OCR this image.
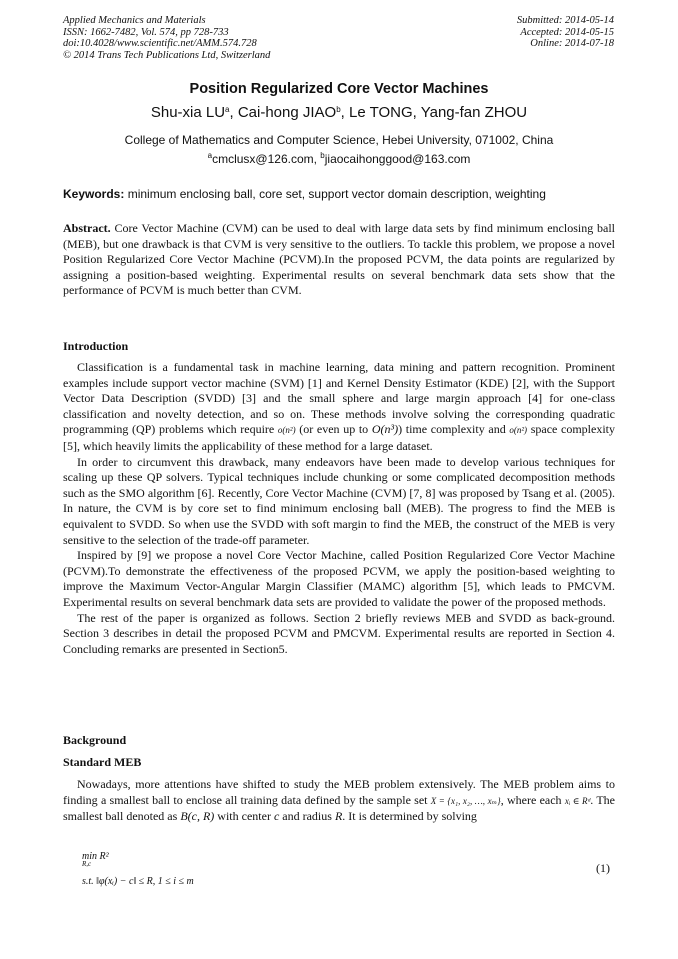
Applied Mechanics and Materials
ISSN: 1662-7482, Vol. 574, pp 728-733
doi:10.4028/www.scientific.net/AMM.574.728
© 2014 Trans Tech Publications Ltd, Switzerland
Submitted: 2014-05-14
Accepted: 2014-05-15
Online: 2014-07-18
Position Regularized Core Vector Machines
Shu-xia $LU^a$, Cai-hong JIAO$^b$, Le TONG, Yang-fan ZHOU
College of Mathematics and Computer Science, Hebei University, 071002, China
$^a$cmclusx@126.com, $^b$jiaocaihonggood@163.com
Keywords: minimum enclosing ball, core set, support vector domain description, weighting

Abstract. Core Vector Machine (CVM) can be used to deal with large data sets by find minimum enclosing ball (MEB), but one drawback is that CVM is very sensitive to the outliers. To tackle this problem, we propose a novel Position Regularized Core Vector Machine (PCVM).In the proposed PCVM, the data points are regularized by assigning a position-based weighting. Experimental results on several benchmark data sets show that the performance of PCVM is much better than CVM.

Introduction

Classification is a fundamental task in machine learning, data mining and pattern recognition. Prominent examples include support vector machine (SVM) [1] and Kernel Density Estimator (KDE) [2], with the Support Vector Data Description (SVDD) [3] and the small sphere and large margin approach [4] for one-class classification and novelty detection, and so on. These methods involve solving the corresponding quadratic programming (QP) problems which require o(n²) (or even up to O(n³)) time complexity and o(n²) space complexity [5], which heavily limits the applicability of these method for a large dataset.

In order to circumvent this drawback, many endeavors have been made to develop various techniques for scaling up these QP solvers. Typical techniques include chunking or some complicated decomposition methods such as the SMO algorithm [6]. Recently, Core Vector Machine (CVM) [7, 8] was proposed by Tsang et al. (2005). In nature, the CVM is by core set to find minimum enclosing ball (MEB). The progress to find the MEB is equivalent to SVDD. So when use the SVDD with soft margin to find the MEB, the construct of the MEB is very sensitive to the selection of the trade-off parameter.

Inspired by [9] we propose a novel Core Vector Machine, called Position Regularized Core Vector Machine (PCVM).To demonstrate the effectiveness of the proposed PCVM, we apply the position-based weighting to improve the Maximum Vector-Angular Margin Classifier (MAMC) algorithm [5], which leads to PMCVM. Experimental results on several benchmark data sets are provided to validate the power of the proposed methods.

The rest of the paper is organized as follows. Section 2 briefly reviews MEB and SVDD as back-ground. Section 3 describes in detail the proposed PCVM and PMCVM. Experimental results are reported in Section 4. Concluding remarks are presented in Section5.

Background
Standard MEB

Nowadays, more attentions have shifted to study the MEB problem extensively. The MEB problem aims to finding a smallest ball to enclose all training data defined by the sample set X = {x₁, x₂, …, xₘ}, where each xᵢ ∈ Rᵈ. The smallest ball denoted as B(c, R) with center c and radius R. It is determined by solving

min R²
R,c
s.t. ‖φ(xᵢ) − c‖ ≤ R, 1 ≤ i ≤ m
(1)
